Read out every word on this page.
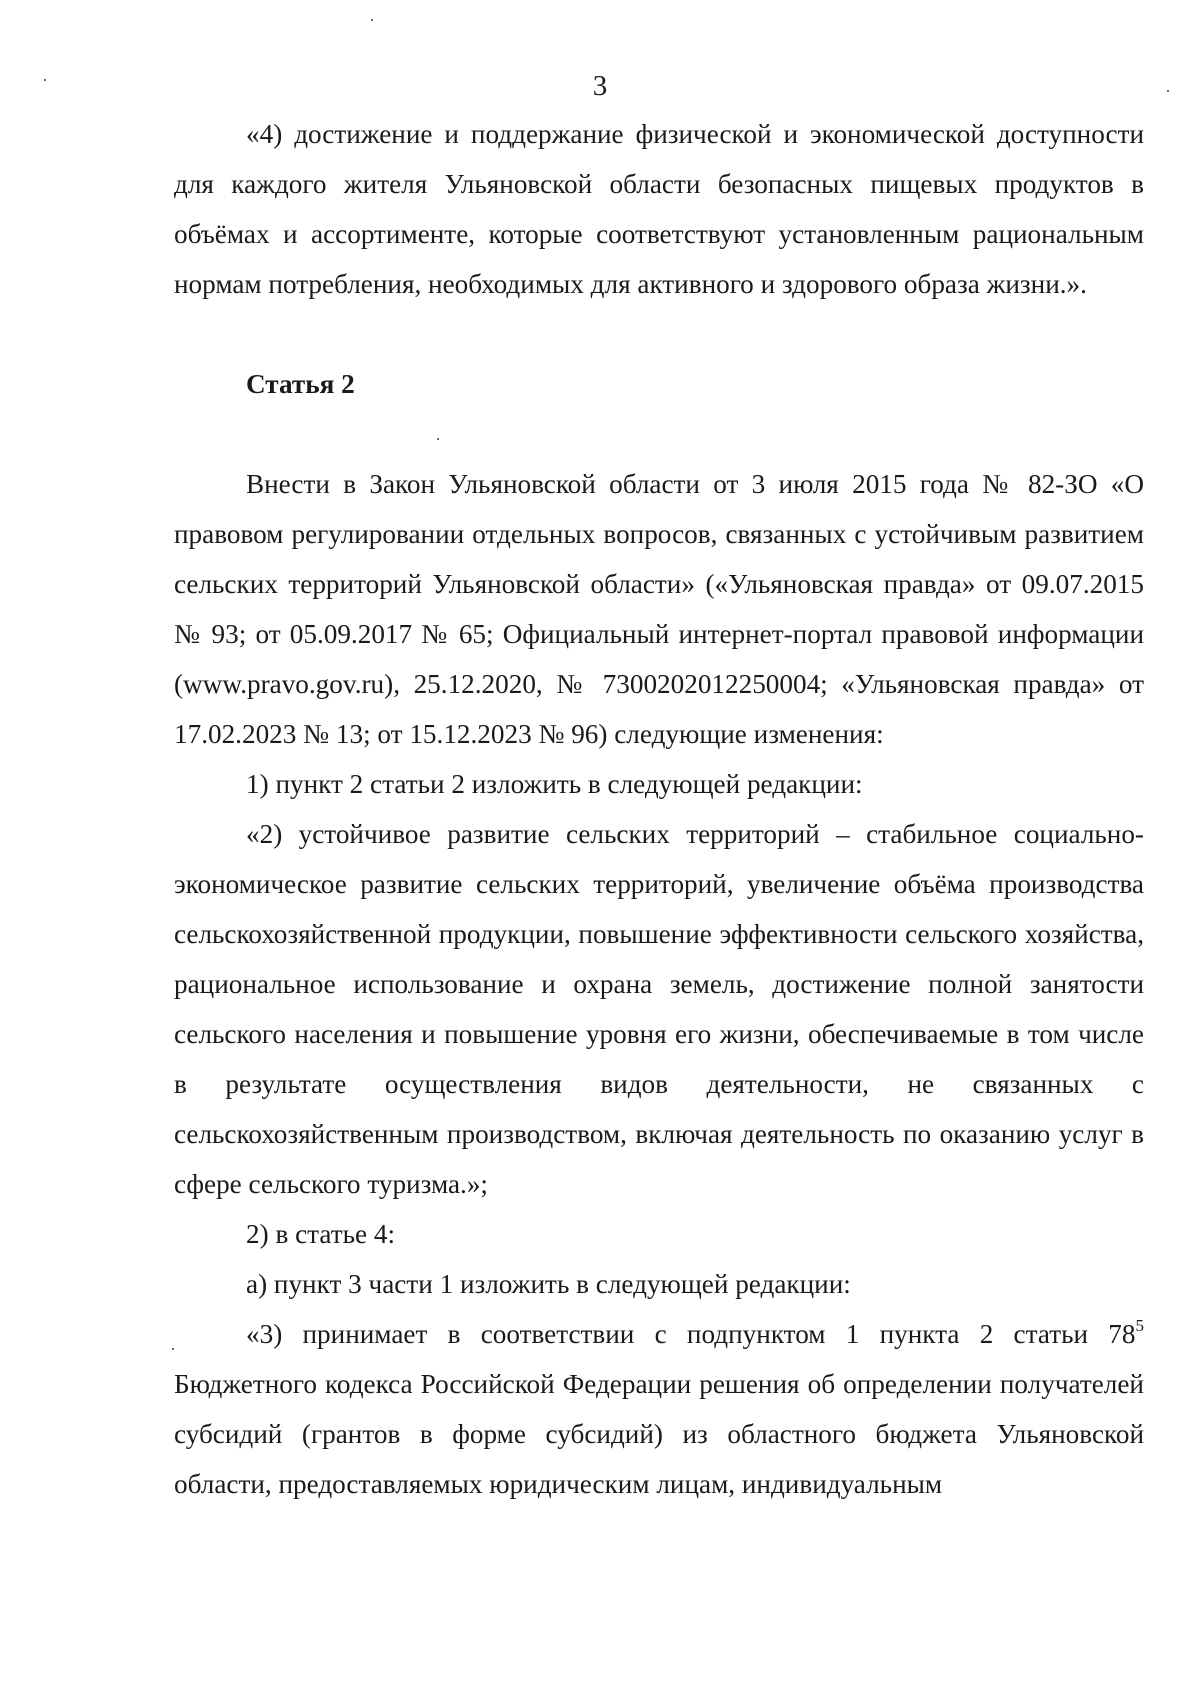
3

«4) достижение и поддержание физической и экономической доступности для каждого жителя Ульяновской области безопасных пищевых продуктов в объёмах и ассортименте, которые соответствуют установленным рациональным нормам потребления, необходимых для активного и здорового образа жизни.».

Статья 2

Внести в Закон Ульяновской области от 3 июля 2015 года № 82-ЗО «О правовом регулировании отдельных вопросов, связанных с устойчивым развитием сельских территорий Ульяновской области» («Ульяновская правда» от 09.07.2015 № 93; от 05.09.2017 № 65; Официальный интернет-портал правовой информации (www.pravo.gov.ru), 25.12.2020, № 7300202012250004; «Ульяновская правда» от 17.02.2023 № 13; от 15.12.2023 № 96) следующие изменения:

1) пункт 2 статьи 2 изложить в следующей редакции:

«2) устойчивое развитие сельских территорий – стабильное социально-экономическое развитие сельских территорий, увеличение объёма производства сельскохозяйственной продукции, повышение эффективности сельского хозяйства, рациональное использование и охрана земель, достижение полной занятости сельского населения и повышение уровня его жизни, обеспечиваемые в том числе в результате осуществления видов деятельности, не связанных с сельскохозяйственным производством, включая деятельность по оказанию услуг в сфере сельского туризма.»;

2) в статье 4:

а) пункт 3 части 1 изложить в следующей редакции:

«3) принимает в соответствии с подпунктом 1 пункта 2 статьи $78^5$ Бюджетного кодекса Российской Федерации решения об определении получателей субсидий (грантов в форме субсидий) из областного бюджета Ульяновской области, предоставляемых юридическим лицам, индивидуальным
